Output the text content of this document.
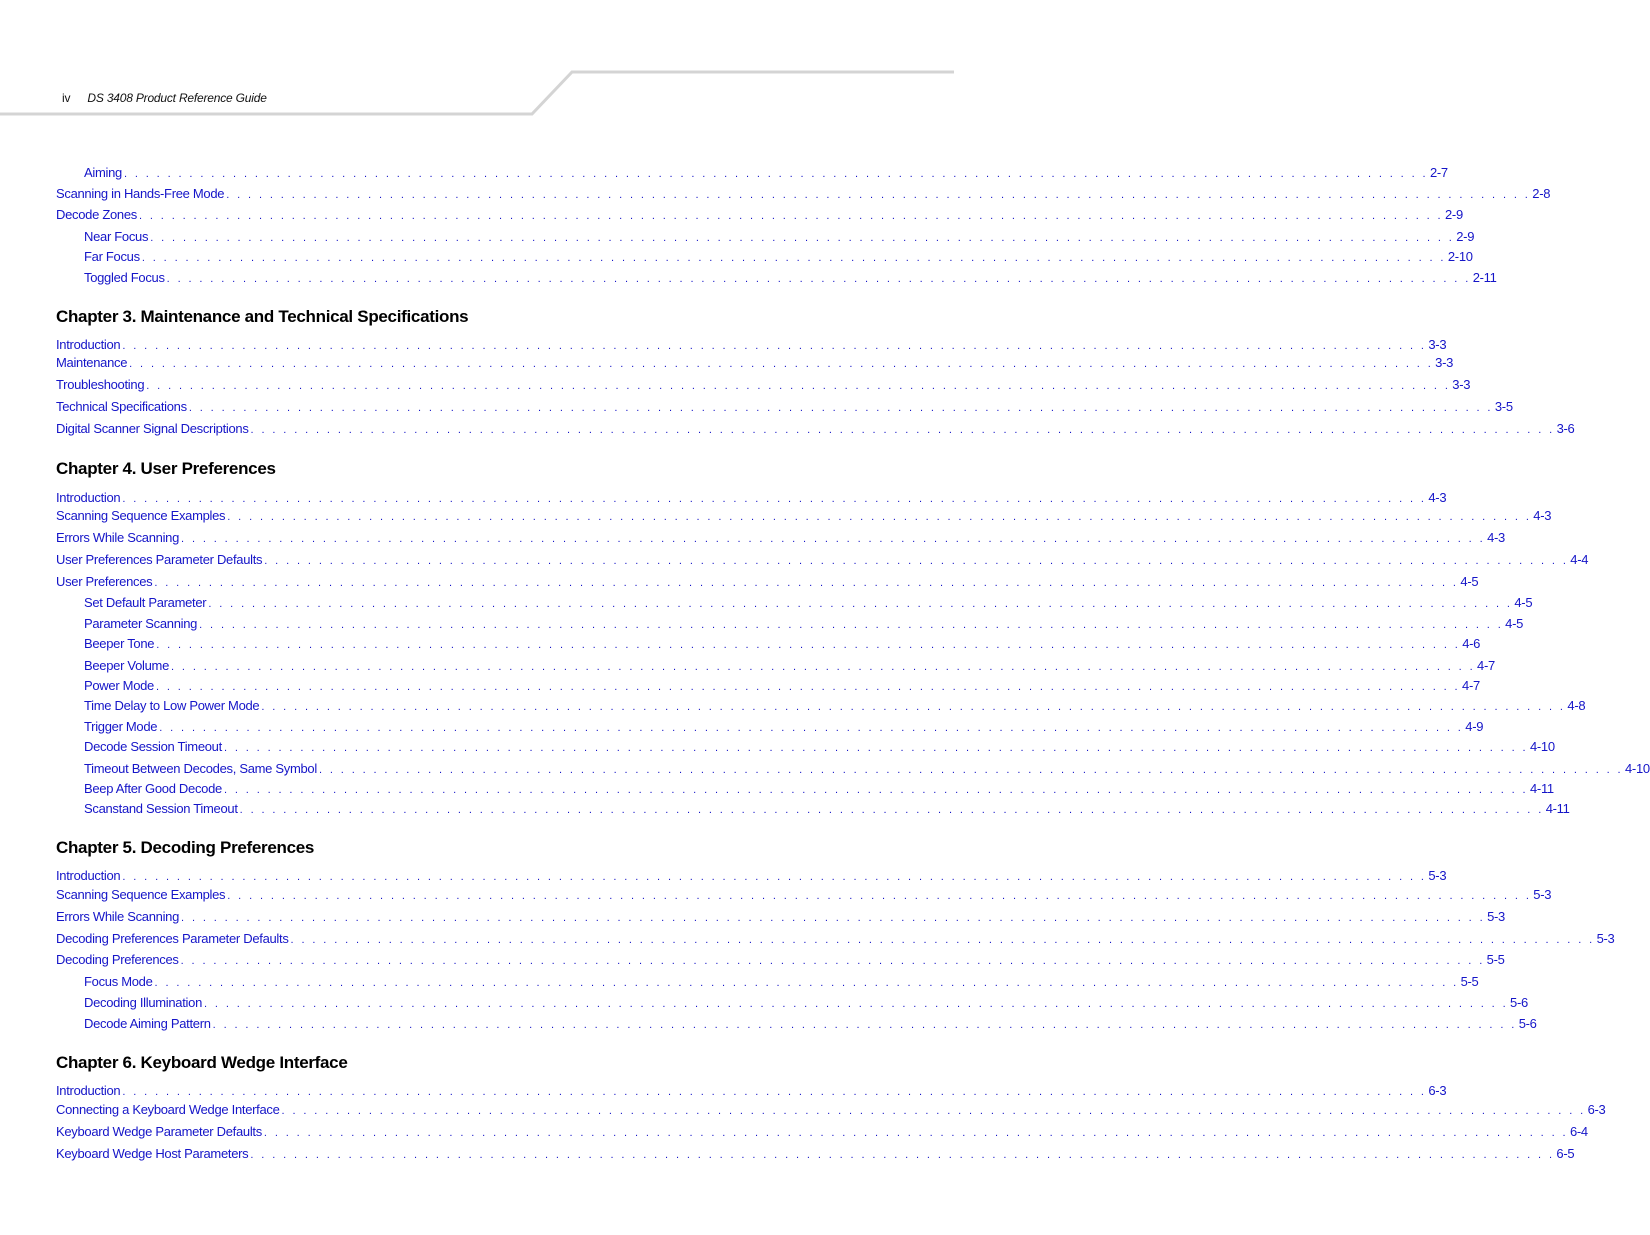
iv DS 3408 Product Reference Guide
Aiming . . . . . . . . . . . . . . . . . . . . . . . . . . . . . . . . . . . . . . . . . . . . . . . . . . . . . . . . . . . . . . . . . . . . . . . . . . . . . . . . . . . . . . . . . . . . . . . . . . . . . . . . . . . . . . . . . . . . . . . . 2-7
Scanning in Hands-Free Mode . . . . . . . . . . . . . . . . . . . . . . . . . . . . . . . . . . . . . . . . . . . . . . . . . . . . . . . . . . . . . . . . . . . . . . . . . . . . . . . . . . . . . . . . . . . . . . . . . . . . . . . . . . . . . . . . . . . . . . . . 2-8
Decode Zones . . . . . . . . . . . . . . . . . . . . . . . . . . . . . . . . . . . . . . . . . . . . . . . . . . . . . . . . . . . . . . . . . . . . . . . . . . . . . . . . . . . . . . . . . . . . . . . . . . . . . . . . . . . . . . . . . . . . . . . . 2-9
Near Focus . . . . . . . . . . . . . . . . . . . . . . . . . . . . . . . . . . . . . . . . . . . . . . . . . . . . . . . . . . . . . . . . . . . . . . . . . . . . . . . . . . . . . . . . . . . . . . . . . . . . . . . . . . . . . . . . . . . . . . . . 2-9
Far Focus . . . . . . . . . . . . . . . . . . . . . . . . . . . . . . . . . . . . . . . . . . . . . . . . . . . . . . . . . . . . . . . . . . . . . . . . . . . . . . . . . . . . . . . . . . . . . . . . . . . . . . . . . . . . . . . . . . . . . . . . 2-10
Toggled Focus . . . . . . . . . . . . . . . . . . . . . . . . . . . . . . . . . . . . . . . . . . . . . . . . . . . . . . . . . . . . . . . . . . . . . . . . . . . . . . . . . . . . . . . . . . . . . . . . . . . . . . . . . . . . . . . . . . . . . . . . 2-11
Chapter 3. Maintenance and Technical Specifications
Introduction . . . . . . . . . . . . . . . . . . . . . . . . . . . . . . . . . . . . . . . . . . . . . . . . . . . . . . . . . . . . . . . . . . . . . . . . . . . . . . . . . . . . . . . . . . . . . . . . . . . . . . . . . . . . . . . . . . . . . . . . 3-3
Maintenance . . . . . . . . . . . . . . . . . . . . . . . . . . . . . . . . . . . . . . . . . . . . . . . . . . . . . . . . . . . . . . . . . . . . . . . . . . . . . . . . . . . . . . . . . . . . . . . . . . . . . . . . . . . . . . . . . . . . . . . . 3-3
Troubleshooting . . . . . . . . . . . . . . . . . . . . . . . . . . . . . . . . . . . . . . . . . . . . . . . . . . . . . . . . . . . . . . . . . . . . . . . . . . . . . . . . . . . . . . . . . . . . . . . . . . . . . . . . . . . . . . . . . . . . . . . . 3-3
Technical Specifications . . . . . . . . . . . . . . . . . . . . . . . . . . . . . . . . . . . . . . . . . . . . . . . . . . . . . . . . . . . . . . . . . . . . . . . . . . . . . . . . . . . . . . . . . . . . . . . . . . . . . . . . . . . . . . . . . . . . . . . . 3-5
Digital Scanner Signal Descriptions . . . . . . . . . . . . . . . . . . . . . . . . . . . . . . . . . . . . . . . . . . . . . . . . . . . . . . . . . . . . . . . . . . . . . . . . . . . . . . . . . . . . . . . . . . . . . . . . . . . . . . . . . . . . . . . . . . . . . . . . 3-6
Chapter 4. User Preferences
Introduction . . . . . . . . . . . . . . . . . . . . . . . . . . . . . . . . . . . . . . . . . . . . . . . . . . . . . . . . . . . . . . . . . . . . . . . . . . . . . . . . . . . . . . . . . . . . . . . . . . . . . . . . . . . . . . . . . . . . . . . . 4-3
Scanning Sequence Examples . . . . . . . . . . . . . . . . . . . . . . . . . . . . . . . . . . . . . . . . . . . . . . . . . . . . . . . . . . . . . . . . . . . . . . . . . . . . . . . . . . . . . . . . . . . . . . . . . . . . . . . . . . . . . . . . . . . . . . . . 4-3
Errors While Scanning . . . . . . . . . . . . . . . . . . . . . . . . . . . . . . . . . . . . . . . . . . . . . . . . . . . . . . . . . . . . . . . . . . . . . . . . . . . . . . . . . . . . . . . . . . . . . . . . . . . . . . . . . . . . . . . . . . . . . . . . 4-3
User Preferences Parameter Defaults . . . . . . . . . . . . . . . . . . . . . . . . . . . . . . . . . . . . . . . . . . . . . . . . . . . . . . . . . . . . . . . . . . . . . . . . . . . . . . . . . . . . . . . . . . . . . . . . . . . . . . . . . . . . . . . . . . . . . . . . 4-4
User Preferences . . . . . . . . . . . . . . . . . . . . . . . . . . . . . . . . . . . . . . . . . . . . . . . . . . . . . . . . . . . . . . . . . . . . . . . . . . . . . . . . . . . . . . . . . . . . . . . . . . . . . . . . . . . . . . . . . . . . . . . . 4-5
Set Default Parameter . . . . . . . . . . . . . . . . . . . . . . . . . . . . . . . . . . . . . . . . . . . . . . . . . . . . . . . . . . . . . . . . . . . . . . . . . . . . . . . . . . . . . . . . . . . . . . . . . . . . . . . . . . . . . . . . . . . . . . . . 4-5
Parameter Scanning . . . . . . . . . . . . . . . . . . . . . . . . . . . . . . . . . . . . . . . . . . . . . . . . . . . . . . . . . . . . . . . . . . . . . . . . . . . . . . . . . . . . . . . . . . . . . . . . . . . . . . . . . . . . . . . . . . . . . . . . 4-5
Beeper Tone . . . . . . . . . . . . . . . . . . . . . . . . . . . . . . . . . . . . . . . . . . . . . . . . . . . . . . . . . . . . . . . . . . . . . . . . . . . . . . . . . . . . . . . . . . . . . . . . . . . . . . . . . . . . . . . . . . . . . . . . 4-6
Beeper Volume . . . . . . . . . . . . . . . . . . . . . . . . . . . . . . . . . . . . . . . . . . . . . . . . . . . . . . . . . . . . . . . . . . . . . . . . . . . . . . . . . . . . . . . . . . . . . . . . . . . . . . . . . . . . . . . . . . . . . . . . 4-7
Power Mode . . . . . . . . . . . . . . . . . . . . . . . . . . . . . . . . . . . . . . . . . . . . . . . . . . . . . . . . . . . . . . . . . . . . . . . . . . . . . . . . . . . . . . . . . . . . . . . . . . . . . . . . . . . . . . . . . . . . . . . . 4-7
Time Delay to Low Power Mode . . . . . . . . . . . . . . . . . . . . . . . . . . . . . . . . . . . . . . . . . . . . . . . . . . . . . . . . . . . . . . . . . . . . . . . . . . . . . . . . . . . . . . . . . . . . . . . . . . . . . . . . . . . . . . . . . . . . . . . . 4-8
Trigger Mode . . . . . . . . . . . . . . . . . . . . . . . . . . . . . . . . . . . . . . . . . . . . . . . . . . . . . . . . . . . . . . . . . . . . . . . . . . . . . . . . . . . . . . . . . . . . . . . . . . . . . . . . . . . . . . . . . . . . . . . . 4-9
Decode Session Timeout . . . . . . . . . . . . . . . . . . . . . . . . . . . . . . . . . . . . . . . . . . . . . . . . . . . . . . . . . . . . . . . . . . . . . . . . . . . . . . . . . . . . . . . . . . . . . . . . . . . . . . . . . . . . . . . . . . . . . . . . 4-10
Timeout Between Decodes, Same Symbol . . . . . . . . . . . . . . . . . . . . . . . . . . . . . . . . . . . . . . . . . . . . . . . . . . . . . . . . . . . . . . . . . . . . . . . . . . . . . . . . . . . . . . . . . . . . . . . . . . . . . . . . . . . . . . . . . . . . . . . . 4-10
Beep After Good Decode . . . . . . . . . . . . . . . . . . . . . . . . . . . . . . . . . . . . . . . . . . . . . . . . . . . . . . . . . . . . . . . . . . . . . . . . . . . . . . . . . . . . . . . . . . . . . . . . . . . . . . . . . . . . . . . . . . . . . . . . 4-11
Scanstand Session Timeout . . . . . . . . . . . . . . . . . . . . . . . . . . . . . . . . . . . . . . . . . . . . . . . . . . . . . . . . . . . . . . . . . . . . . . . . . . . . . . . . . . . . . . . . . . . . . . . . . . . . . . . . . . . . . . . . . . . . . . . . 4-11
Chapter 5. Decoding Preferences
Introduction . . . . . . . . . . . . . . . . . . . . . . . . . . . . . . . . . . . . . . . . . . . . . . . . . . . . . . . . . . . . . . . . . . . . . . . . . . . . . . . . . . . . . . . . . . . . . . . . . . . . . . . . . . . . . . . . . . . . . . . . 5-3
Scanning Sequence Examples . . . . . . . . . . . . . . . . . . . . . . . . . . . . . . . . . . . . . . . . . . . . . . . . . . . . . . . . . . . . . . . . . . . . . . . . . . . . . . . . . . . . . . . . . . . . . . . . . . . . . . . . . . . . . . . . . . . . . . . . 5-3
Errors While Scanning . . . . . . . . . . . . . . . . . . . . . . . . . . . . . . . . . . . . . . . . . . . . . . . . . . . . . . . . . . . . . . . . . . . . . . . . . . . . . . . . . . . . . . . . . . . . . . . . . . . . . . . . . . . . . . . . . . . . . . . . 5-3
Decoding Preferences Parameter Defaults . . . . . . . . . . . . . . . . . . . . . . . . . . . . . . . . . . . . . . . . . . . . . . . . . . . . . . . . . . . . . . . . . . . . . . . . . . . . . . . . . . . . . . . . . . . . . . . . . . . . . . . . . . . . . . . . . . . . . . . . 5-3
Decoding Preferences . . . . . . . . . . . . . . . . . . . . . . . . . . . . . . . . . . . . . . . . . . . . . . . . . . . . . . . . . . . . . . . . . . . . . . . . . . . . . . . . . . . . . . . . . . . . . . . . . . . . . . . . . . . . . . . . . . . . . . . . 5-5
Focus Mode . . . . . . . . . . . . . . . . . . . . . . . . . . . . . . . . . . . . . . . . . . . . . . . . . . . . . . . . . . . . . . . . . . . . . . . . . . . . . . . . . . . . . . . . . . . . . . . . . . . . . . . . . . . . . . . . . . . . . . . . 5-5
Decoding Illumination . . . . . . . . . . . . . . . . . . . . . . . . . . . . . . . . . . . . . . . . . . . . . . . . . . . . . . . . . . . . . . . . . . . . . . . . . . . . . . . . . . . . . . . . . . . . . . . . . . . . . . . . . . . . . . . . . . . . . . . . 5-6
Decode Aiming Pattern . . . . . . . . . . . . . . . . . . . . . . . . . . . . . . . . . . . . . . . . . . . . . . . . . . . . . . . . . . . . . . . . . . . . . . . . . . . . . . . . . . . . . . . . . . . . . . . . . . . . . . . . . . . . . . . . . . . . . . . . 5-6
Chapter 6. Keyboard Wedge Interface
Introduction . . . . . . . . . . . . . . . . . . . . . . . . . . . . . . . . . . . . . . . . . . . . . . . . . . . . . . . . . . . . . . . . . . . . . . . . . . . . . . . . . . . . . . . . . . . . . . . . . . . . . . . . . . . . . . . . . . . . . . . . 6-3
Connecting a Keyboard Wedge Interface . . . . . . . . . . . . . . . . . . . . . . . . . . . . . . . . . . . . . . . . . . . . . . . . . . . . . . . . . . . . . . . . . . . . . . . . . . . . . . . . . . . . . . . . . . . . . . . . . . . . . . . . . . . . . . . . . . . . . . . . 6-3
Keyboard Wedge Parameter Defaults . . . . . . . . . . . . . . . . . . . . . . . . . . . . . . . . . . . . . . . . . . . . . . . . . . . . . . . . . . . . . . . . . . . . . . . . . . . . . . . . . . . . . . . . . . . . . . . . . . . . . . . . . . . . . . . . . . . . . . . . 6-4
Keyboard Wedge Host Parameters . . . . . . . . . . . . . . . . . . . . . . . . . . . . . . . . . . . . . . . . . . . . . . . . . . . . . . . . . . . . . . . . . . . . . . . . . . . . . . . . . . . . . . . . . . . . . . . . . . . . . . . . . . . . . . . . . . . . . . . . 6-5
